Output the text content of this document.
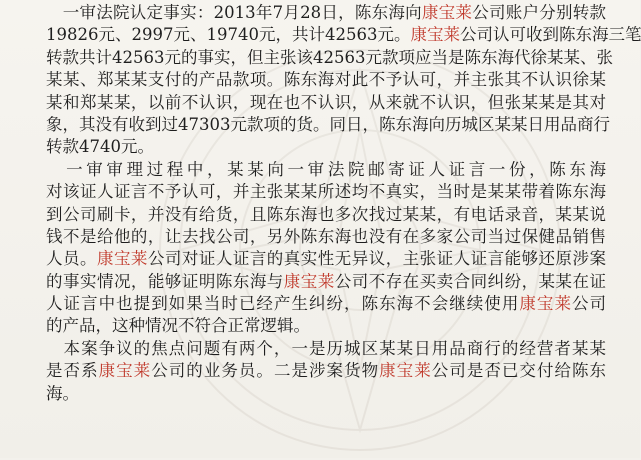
　一审法院认定事实：2013年7月28日，陈东海向康宝莱公司账户分别转款
19826元、2997元、19740元，共计42563元。康宝莱公司认可收到陈东海三笔
转款共计42563元的事实，但主张该42563元款项应当是陈东海代徐某某、张
某某、郑某某支付的产品款项。陈东海对此不予认可，并主张其不认识徐某
某和郑某某，以前不认识，现在也不认识，从来就不认识，但张某某是其对
象，其没有收到过47303元款项的货。同日，陈东海向历城区某某日用品商行
转款4740元。
　一审审理过程中，某某向一审法院邮寄证人证言一份，陈东海
对该证人证言不予认可，并主张某某所述均不真实，当时是某某带着陈东海
到公司刷卡，并没有给货，且陈东海也多次找过某某，有电话录音，某某说
钱不是给他的，让去找公司，另外陈东海也没有在多家公司当过保健品销售
人员。康宝莱公司对证人证言的真实性无异议，主张证人证言能够还原涉案
的事实情况，能够证明陈东海与康宝莱公司不存在买卖合同纠纷，某某在证
人证言中也提到如果当时已经产生纠纷，陈东海不会继续使用康宝莱公司
的产品，这种情况不符合正常逻辑。
　本案争议的焦点问题有两个，一是历城区某某日用品商行的经营者某某
是否系康宝莱公司的业务员。二是涉案货物康宝莱公司是否已交付给陈东
海。
